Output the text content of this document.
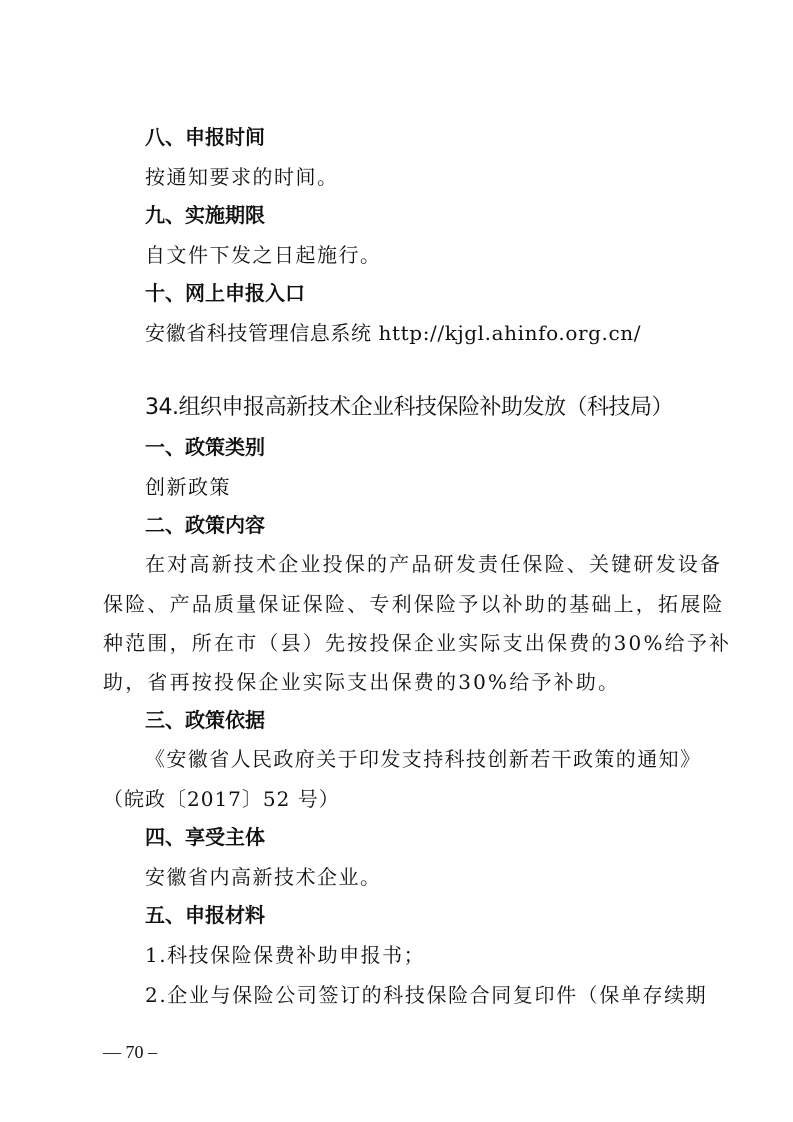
八、申报时间
按通知要求的时间。
九、实施期限
自文件下发之日起施行。
十、网上申报入口
安徽省科技管理信息系统 http://kjgl.ahinfo.org.cn/
34.组织申报高新技术企业科技保险补助发放（科技局）
一、政策类别
创新政策
二、政策内容
在对高新技术企业投保的产品研发责任保险、关键研发设备
保险、产品质量保证保险、专利保险予以补助的基础上，拓展险
种范围，所在市（县）先按投保企业实际支出保费的30%给予补
助，省再按投保企业实际支出保费的30%给予补助。
三、政策依据
《安徽省人民政府关于印发支持科技创新若干政策的通知》
（皖政〔2017〕52 号）
四、享受主体
安徽省内高新技术企业。
五、申报材料
1.科技保险保费补助申报书；
2.企业与保险公司签订的科技保险合同复印件（保单存续期
— 70 –
